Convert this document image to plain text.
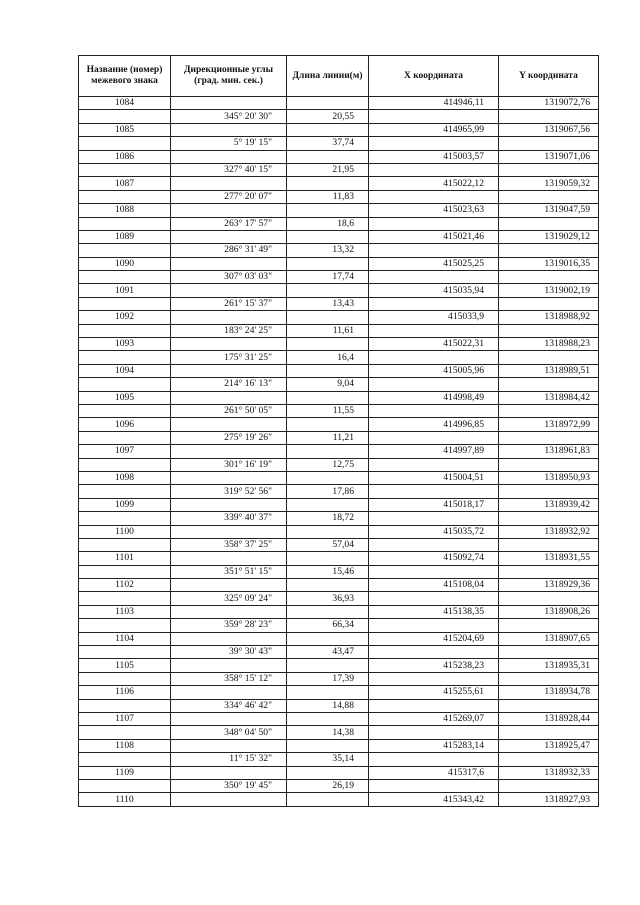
Название (номер) межевого знака	Дирекционные углы (град. мин. сек.)	Длина линии(м)	X координата	Y координата
1084			414946,11	1319072,76
	345° 20' 30"	20,55		
1085			414965,99	1319067,56
	5° 19' 15"	37,74		
1086			415003,57	1319071,06
	327° 40' 15"	21,95		
1087			415022,12	1319059,32
	277° 20' 07"	11,83		
1088			415023,63	1319047,59
	263° 17' 57"	18,6		
1089			415021,46	1319029,12
	286° 31' 49"	13,32		
1090			415025,25	1319016,35
	307° 03' 03"	17,74		
1091			415035,94	1319002,19
	261° 15' 37"	13,43		
1092			415033,9	1318988,92
	183° 24' 25"	11,61		
1093			415022,31	1318988,23
	175° 31' 25"	16,4		
1094			415005,96	1318989,51
	214° 16' 13"	9,04		
1095			414998,49	1318984,42
	261° 50' 05"	11,55		
1096			414996,85	1318972,99
	275° 19' 26"	11,21		
1097			414997,89	1318961,83
	301° 16' 19"	12,75		
1098			415004,51	1318950,93
	319° 52' 56"	17,86		
1099			415018,17	1318939,42
	339° 40' 37"	18,72		
1100			415035,72	1318932,92
	358° 37' 25"	57,04		
1101			415092,74	1318931,55
	351° 51' 15"	15,46		
1102			415108,04	1318929,36
	325° 09' 24"	36,93		
1103			415138,35	1318908,26
	359° 28' 23"	66,34		
1104			415204,69	1318907,65
	39° 30' 43"	43,47		
1105			415238,23	1318935,31
	358° 15' 12"	17,39		
1106			415255,61	1318934,78
	334° 46' 42"	14,88		
1107			415269,07	1318928,44
	348° 04' 50"	14,38		
1108			415283,14	1318925,47
	11° 15' 32"	35,14		
1109			415317,6	1318932,33
	350° 19' 45"	26,19		
1110			415343,42	1318927,93
